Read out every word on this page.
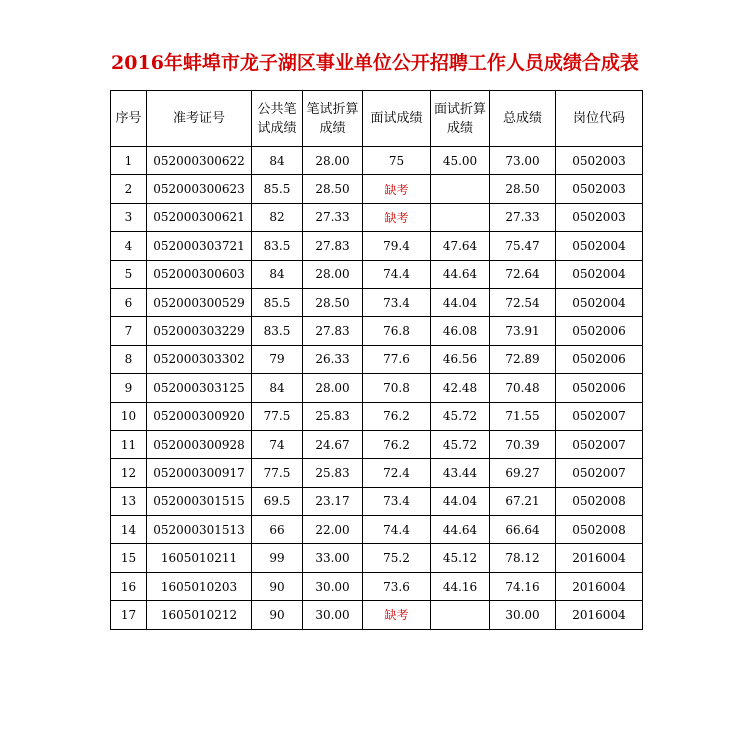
2016年蚌埠市龙子湖区事业单位公开招聘工作人员成绩合成表
序号	准考证号	公共笔试成绩	笔试折算成绩	面试成绩	面试折算成绩	总成绩	岗位代码
1	052000300622	84	28.00	75	45.00	73.00	0502003
2	052000300623	85.5	28.50	缺考		28.50	0502003
3	052000300621	82	27.33	缺考		27.33	0502003
4	052000303721	83.5	27.83	79.4	47.64	75.47	0502004
5	052000300603	84	28.00	74.4	44.64	72.64	0502004
6	052000300529	85.5	28.50	73.4	44.04	72.54	0502004
7	052000303229	83.5	27.83	76.8	46.08	73.91	0502006
8	052000303302	79	26.33	77.6	46.56	72.89	0502006
9	052000303125	84	28.00	70.8	42.48	70.48	0502006
10	052000300920	77.5	25.83	76.2	45.72	71.55	0502007
11	052000300928	74	24.67	76.2	45.72	70.39	0502007
12	052000300917	77.5	25.83	72.4	43.44	69.27	0502007
13	052000301515	69.5	23.17	73.4	44.04	67.21	0502008
14	052000301513	66	22.00	74.4	44.64	66.64	0502008
15	1605010211	99	33.00	75.2	45.12	78.12	2016004
16	1605010203	90	30.00	73.6	44.16	74.16	2016004
17	1605010212	90	30.00	缺考		30.00	2016004
